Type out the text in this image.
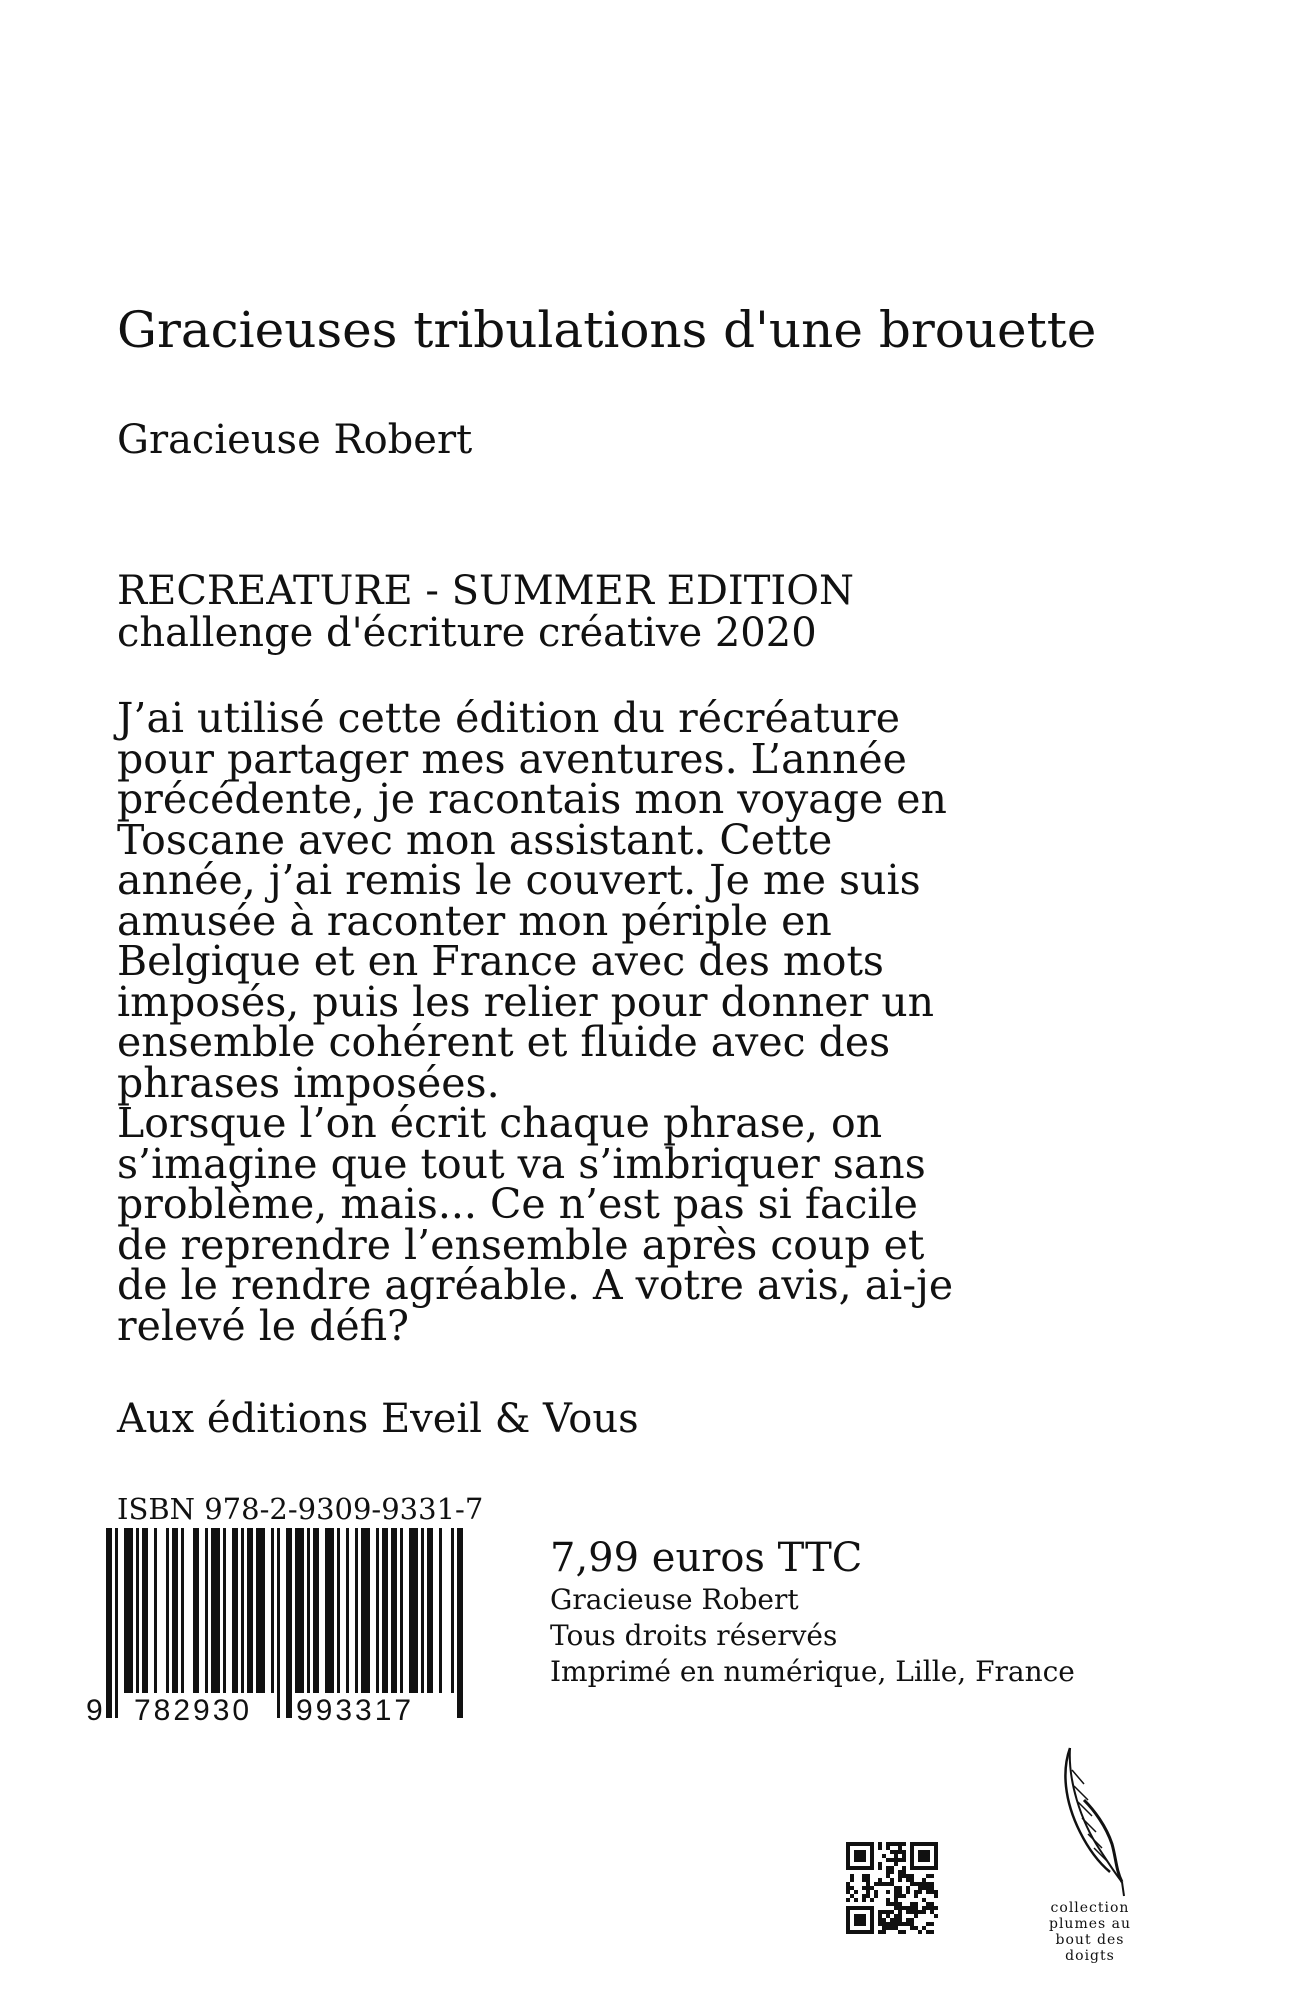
Gracieuses tribulations d'une brouette
Gracieuse Robert
RECREATURE - SUMMER EDITION
challenge d'écriture créative 2020

J’ai utilisé cette édition du récréature
pour partager mes aventures. L’année
précédente, je racontais mon voyage en
Toscane avec mon assistant. Cette
année, j’ai remis le couvert. Je me suis
amusée à raconter mon périple en
Belgique et en France avec des mots
imposés, puis les relier pour donner un
ensemble cohérent et fluide avec des
phrases imposées.
Lorsque l’on écrit chaque phrase, on
s’imagine que tout va s’imbriquer sans
problème, mais... Ce n’est pas si facile
de reprendre l’ensemble après coup et
de le rendre agréable. A votre avis, ai-je
relevé le défi?

Aux éditions Eveil & Vous
ISBN 978-2-9309-9331-7
9 782930 993317
7,99 euros TTC
Gracieuse Robert
Tous droits réservés
Imprimé en numérique, Lille, France
collection
plumes au
bout des
doigts
